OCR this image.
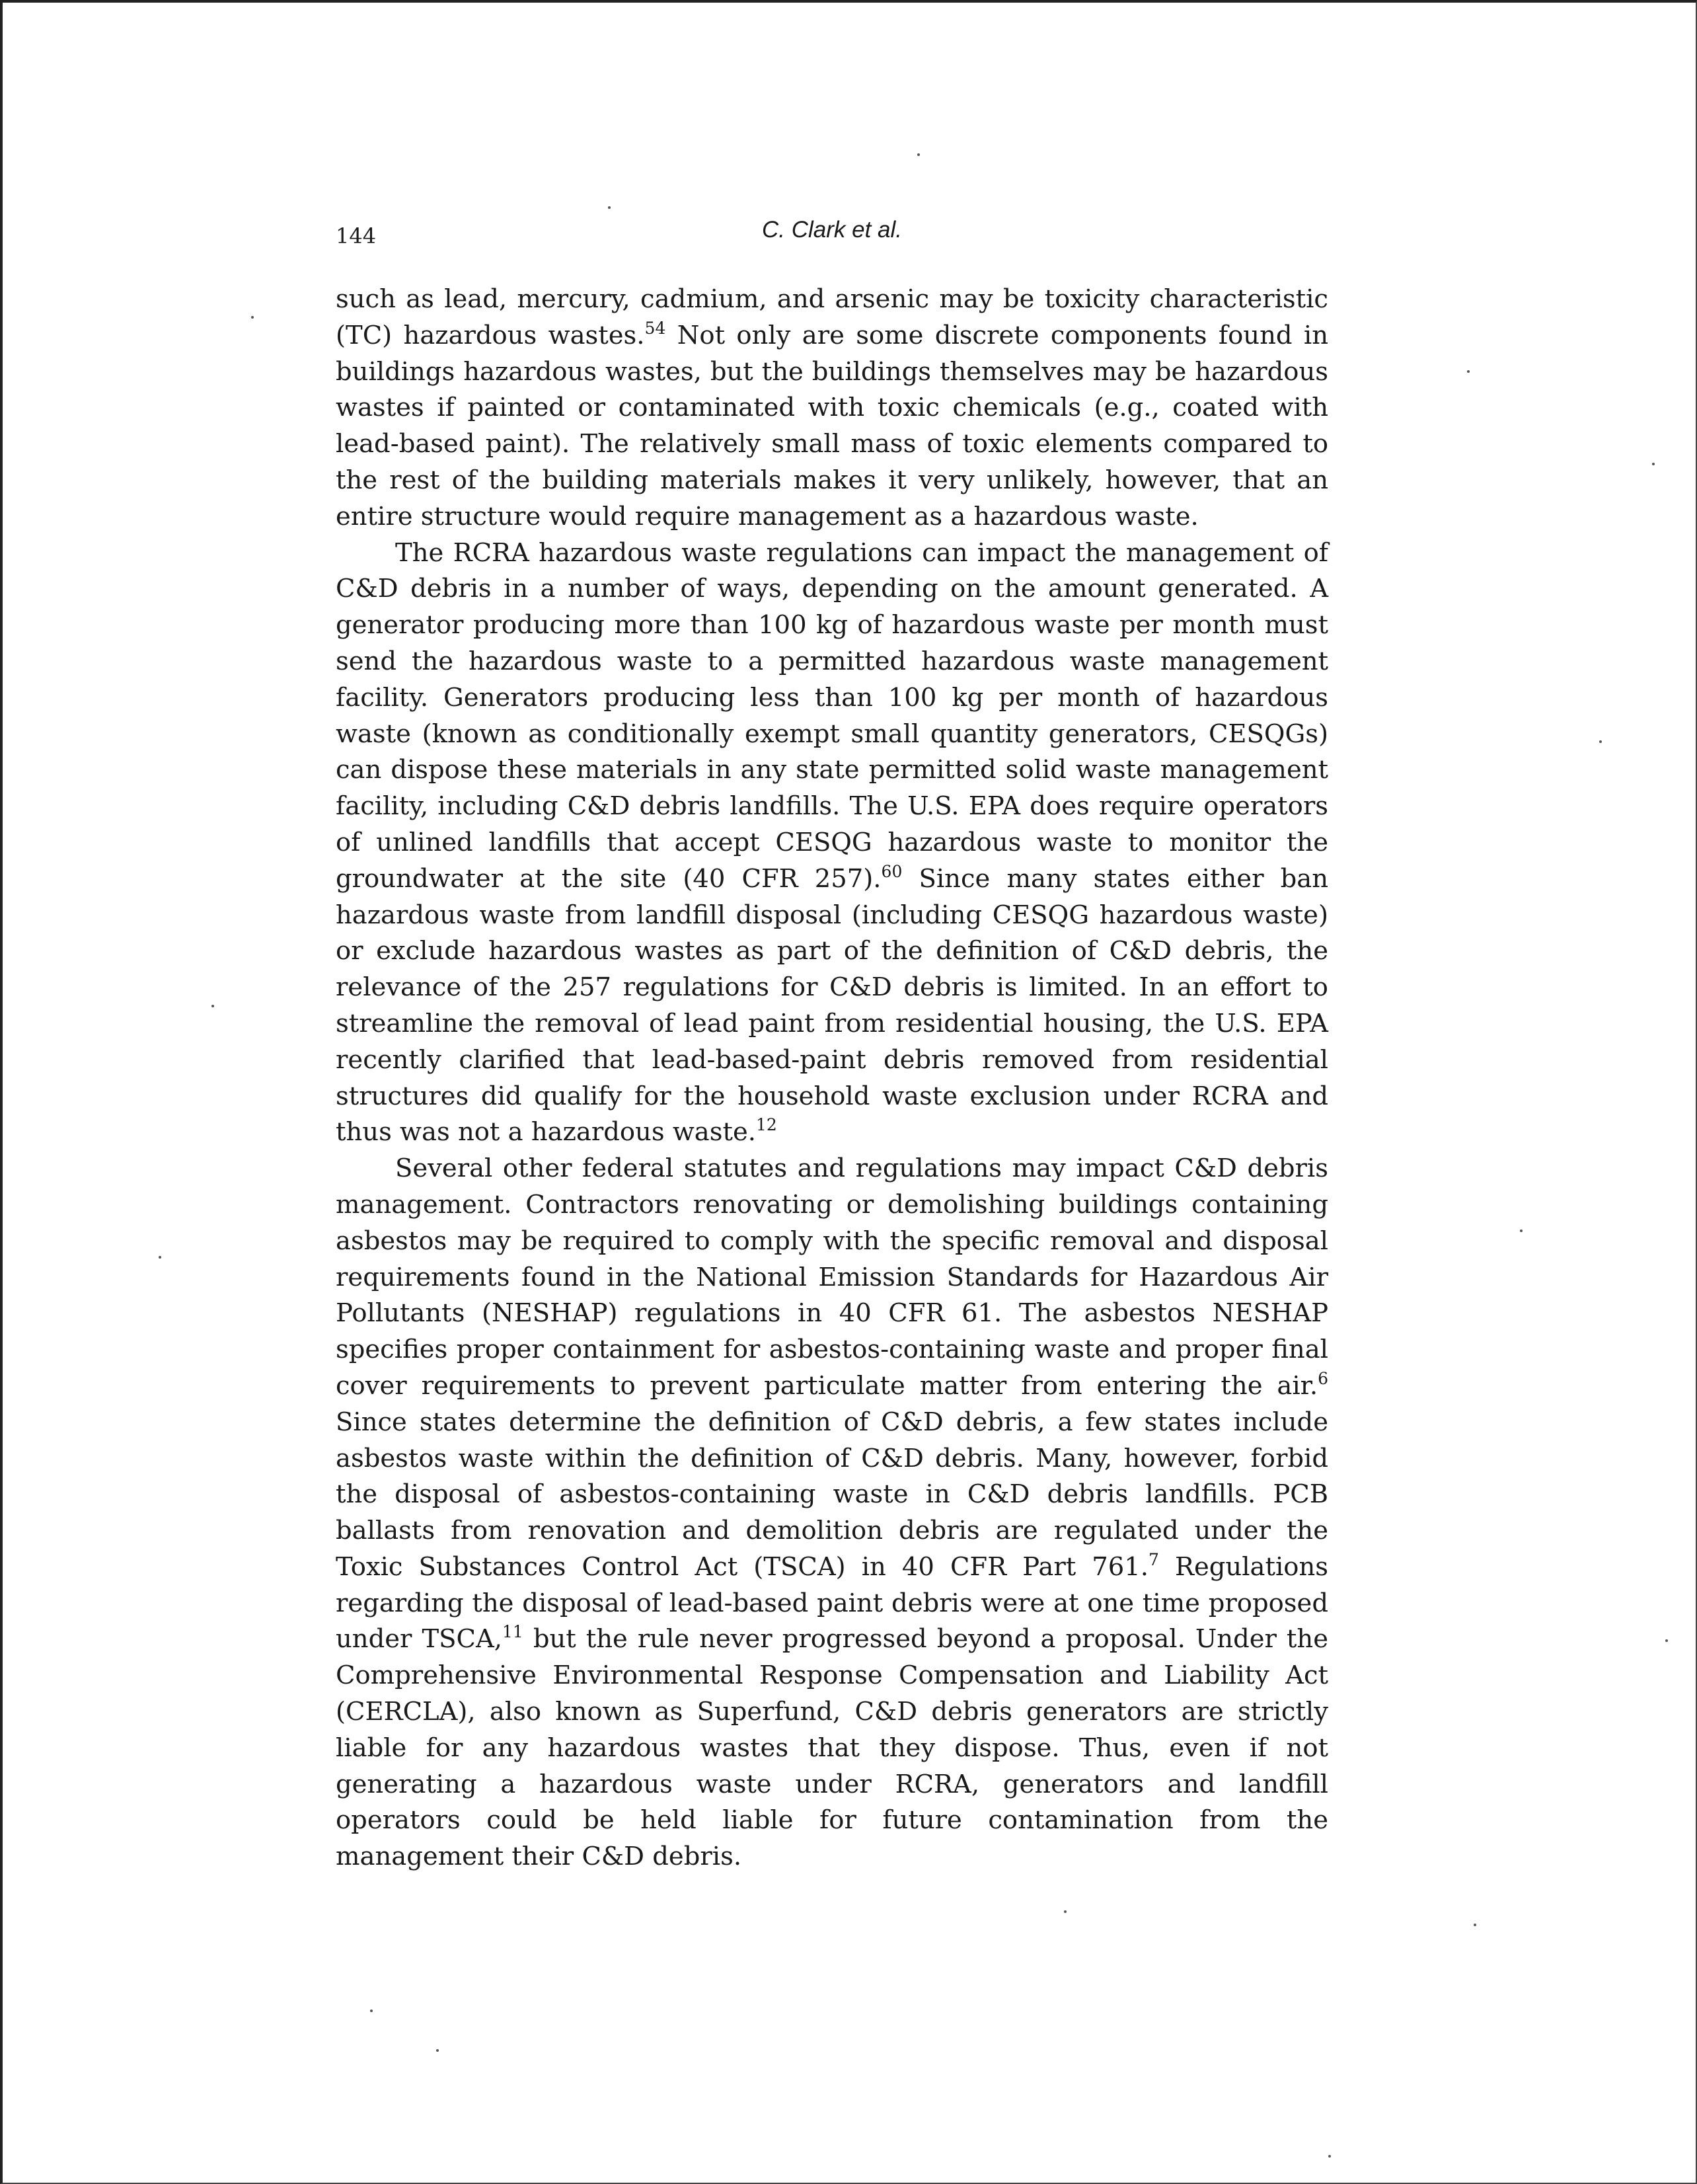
144	C. Clark et al.

such as lead, mercury, cadmium, and arsenic may be toxicity characteristic (TC) hazardous wastes.$^{54}$ Not only are some discrete components found in buildings hazardous wastes, but the buildings themselves may be hazardous wastes if painted or contaminated with toxic chemicals (e.g., coated with lead-based paint). The relatively small mass of toxic elements compared to the rest of the building materials makes it very unlikely, however, that an entire structure would require management as a hazardous waste.

The RCRA hazardous waste regulations can impact the management of C&D debris in a number of ways, depending on the amount generated. A generator producing more than 100 kg of hazardous waste per month must send the hazardous waste to a permitted hazardous waste management facility. Generators producing less than 100 kg per month of hazardous waste (known as conditionally exempt small quantity generators, CESQGs) can dispose these materials in any state permitted solid waste management facility, including C&D debris landfills. The U.S. EPA does require operators of unlined landfills that accept CESQG hazardous waste to monitor the groundwater at the site (40 CFR 257).$^{60}$ Since many states either ban hazardous waste from landfill disposal (including CESQG hazardous waste) or exclude hazardous wastes as part of the definition of C&D debris, the relevance of the 257 regulations for C&D debris is limited. In an effort to streamline the removal of lead paint from residential housing, the U.S. EPA recently clarified that lead-based-paint debris removed from residential structures did qualify for the household waste exclusion under RCRA and thus was not a hazardous waste.$^{12}$

Several other federal statutes and regulations may impact C&D debris management. Contractors renovating or demolishing buildings containing asbestos may be required to comply with the specific removal and disposal requirements found in the National Emission Standards for Hazardous Air Pollutants (NESHAP) regulations in 40 CFR 61. The asbestos NESHAP specifies proper containment for asbestos-containing waste and proper final cover requirements to prevent particulate matter from entering the air.$^6$ Since states determine the definition of C&D debris, a few states include asbestos waste within the definition of C&D debris. Many, however, forbid the disposal of asbestos-containing waste in C&D debris landfills. PCB ballasts from renovation and demolition debris are regulated under the Toxic Substances Control Act (TSCA) in 40 CFR Part 761.$^7$ Regulations regarding the disposal of lead-based paint debris were at one time proposed under TSCA,$^{11}$ but the rule never progressed beyond a proposal. Under the Comprehensive Environmental Response Compensation and Liability Act (CERCLA), also known as Superfund, C&D debris generators are strictly liable for any hazardous wastes that they dispose. Thus, even if not generating a hazardous waste under RCRA, generators and landfill operators could be held liable for future contamination from the management their C&D debris.
